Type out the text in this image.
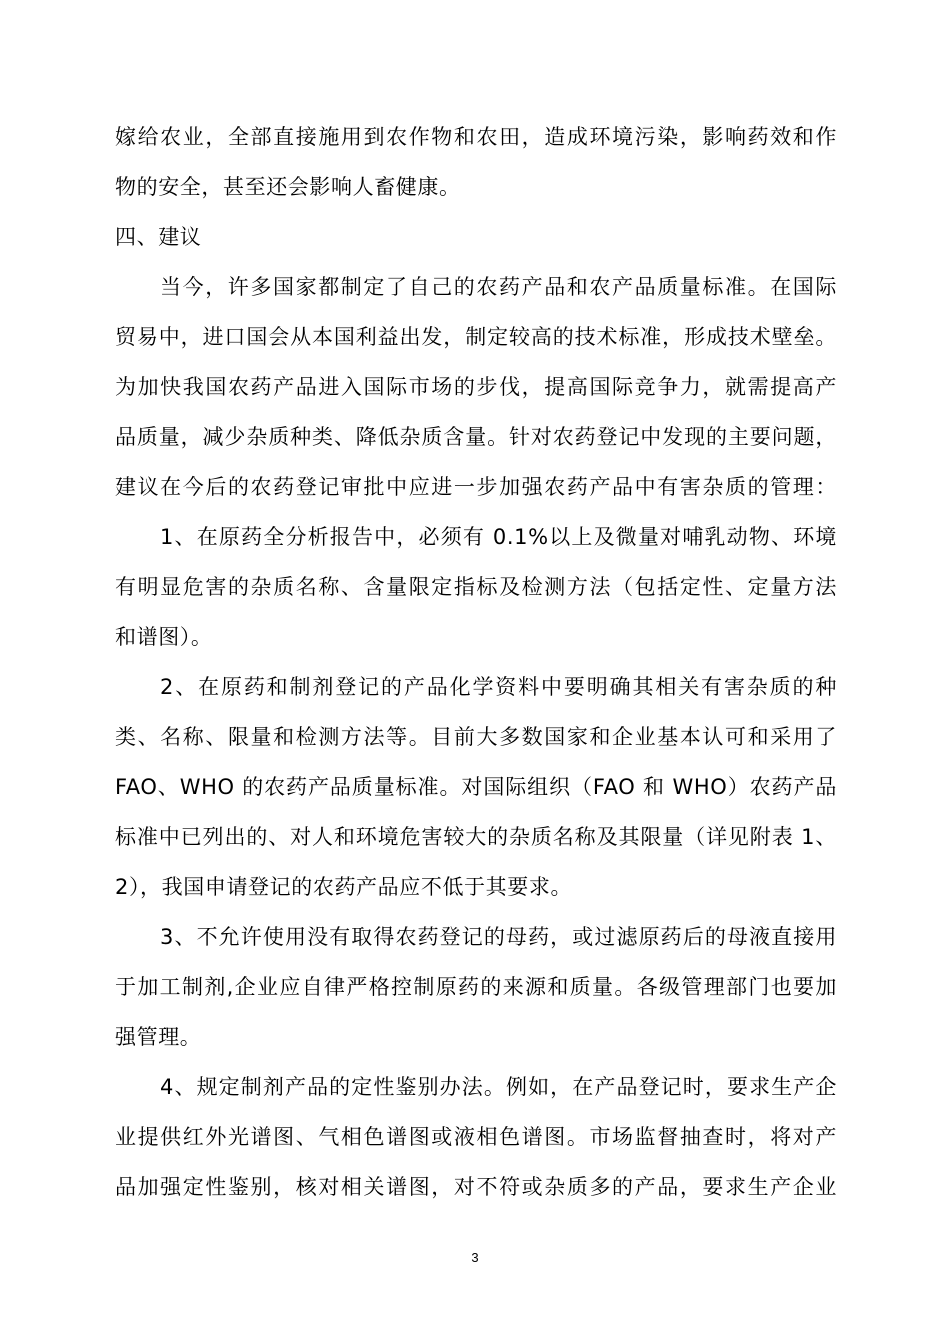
嫁给农业，全部直接施用到农作物和农田，造成环境污染，影响药效和作
物的安全，甚至还会影响人畜健康。
四、建议
当今，许多国家都制定了自己的农药产品和农产品质量标准。在国际
贸易中，进口国会从本国利益出发，制定较高的技术标准，形成技术壁垒。
为加快我国农药产品进入国际市场的步伐，提高国际竞争力，就需提高产
品质量，减少杂质种类、降低杂质含量。针对农药登记中发现的主要问题，
建议在今后的农药登记审批中应进一步加强农药产品中有害杂质的管理：
1、在原药全分析报告中，必须有 0.1%以上及微量对哺乳动物、环境
有明显危害的杂质名称、含量限定指标及检测方法（包括定性、定量方法
和谱图）。
2、在原药和制剂登记的产品化学资料中要明确其相关有害杂质的种
类、名称、限量和检测方法等。目前大多数国家和企业基本认可和采用了
FAO、WHO 的农药产品质量标准。对国际组织（FAO 和 WHO）农药产品
标准中已列出的、对人和环境危害较大的杂质名称及其限量（详见附表 1、
2），我国申请登记的农药产品应不低于其要求。
3、不允许使用没有取得农药登记的母药，或过滤原药后的母液直接用
于加工制剂,企业应自律严格控制原药的来源和质量。各级管理部门也要加
强管理。
4、规定制剂产品的定性鉴别办法。例如，在产品登记时，要求生产企
业提供红外光谱图、气相色谱图或液相色谱图。市场监督抽查时，将对产
品加强定性鉴别，核对相关谱图，对不符或杂质多的产品，要求生产企业
3
